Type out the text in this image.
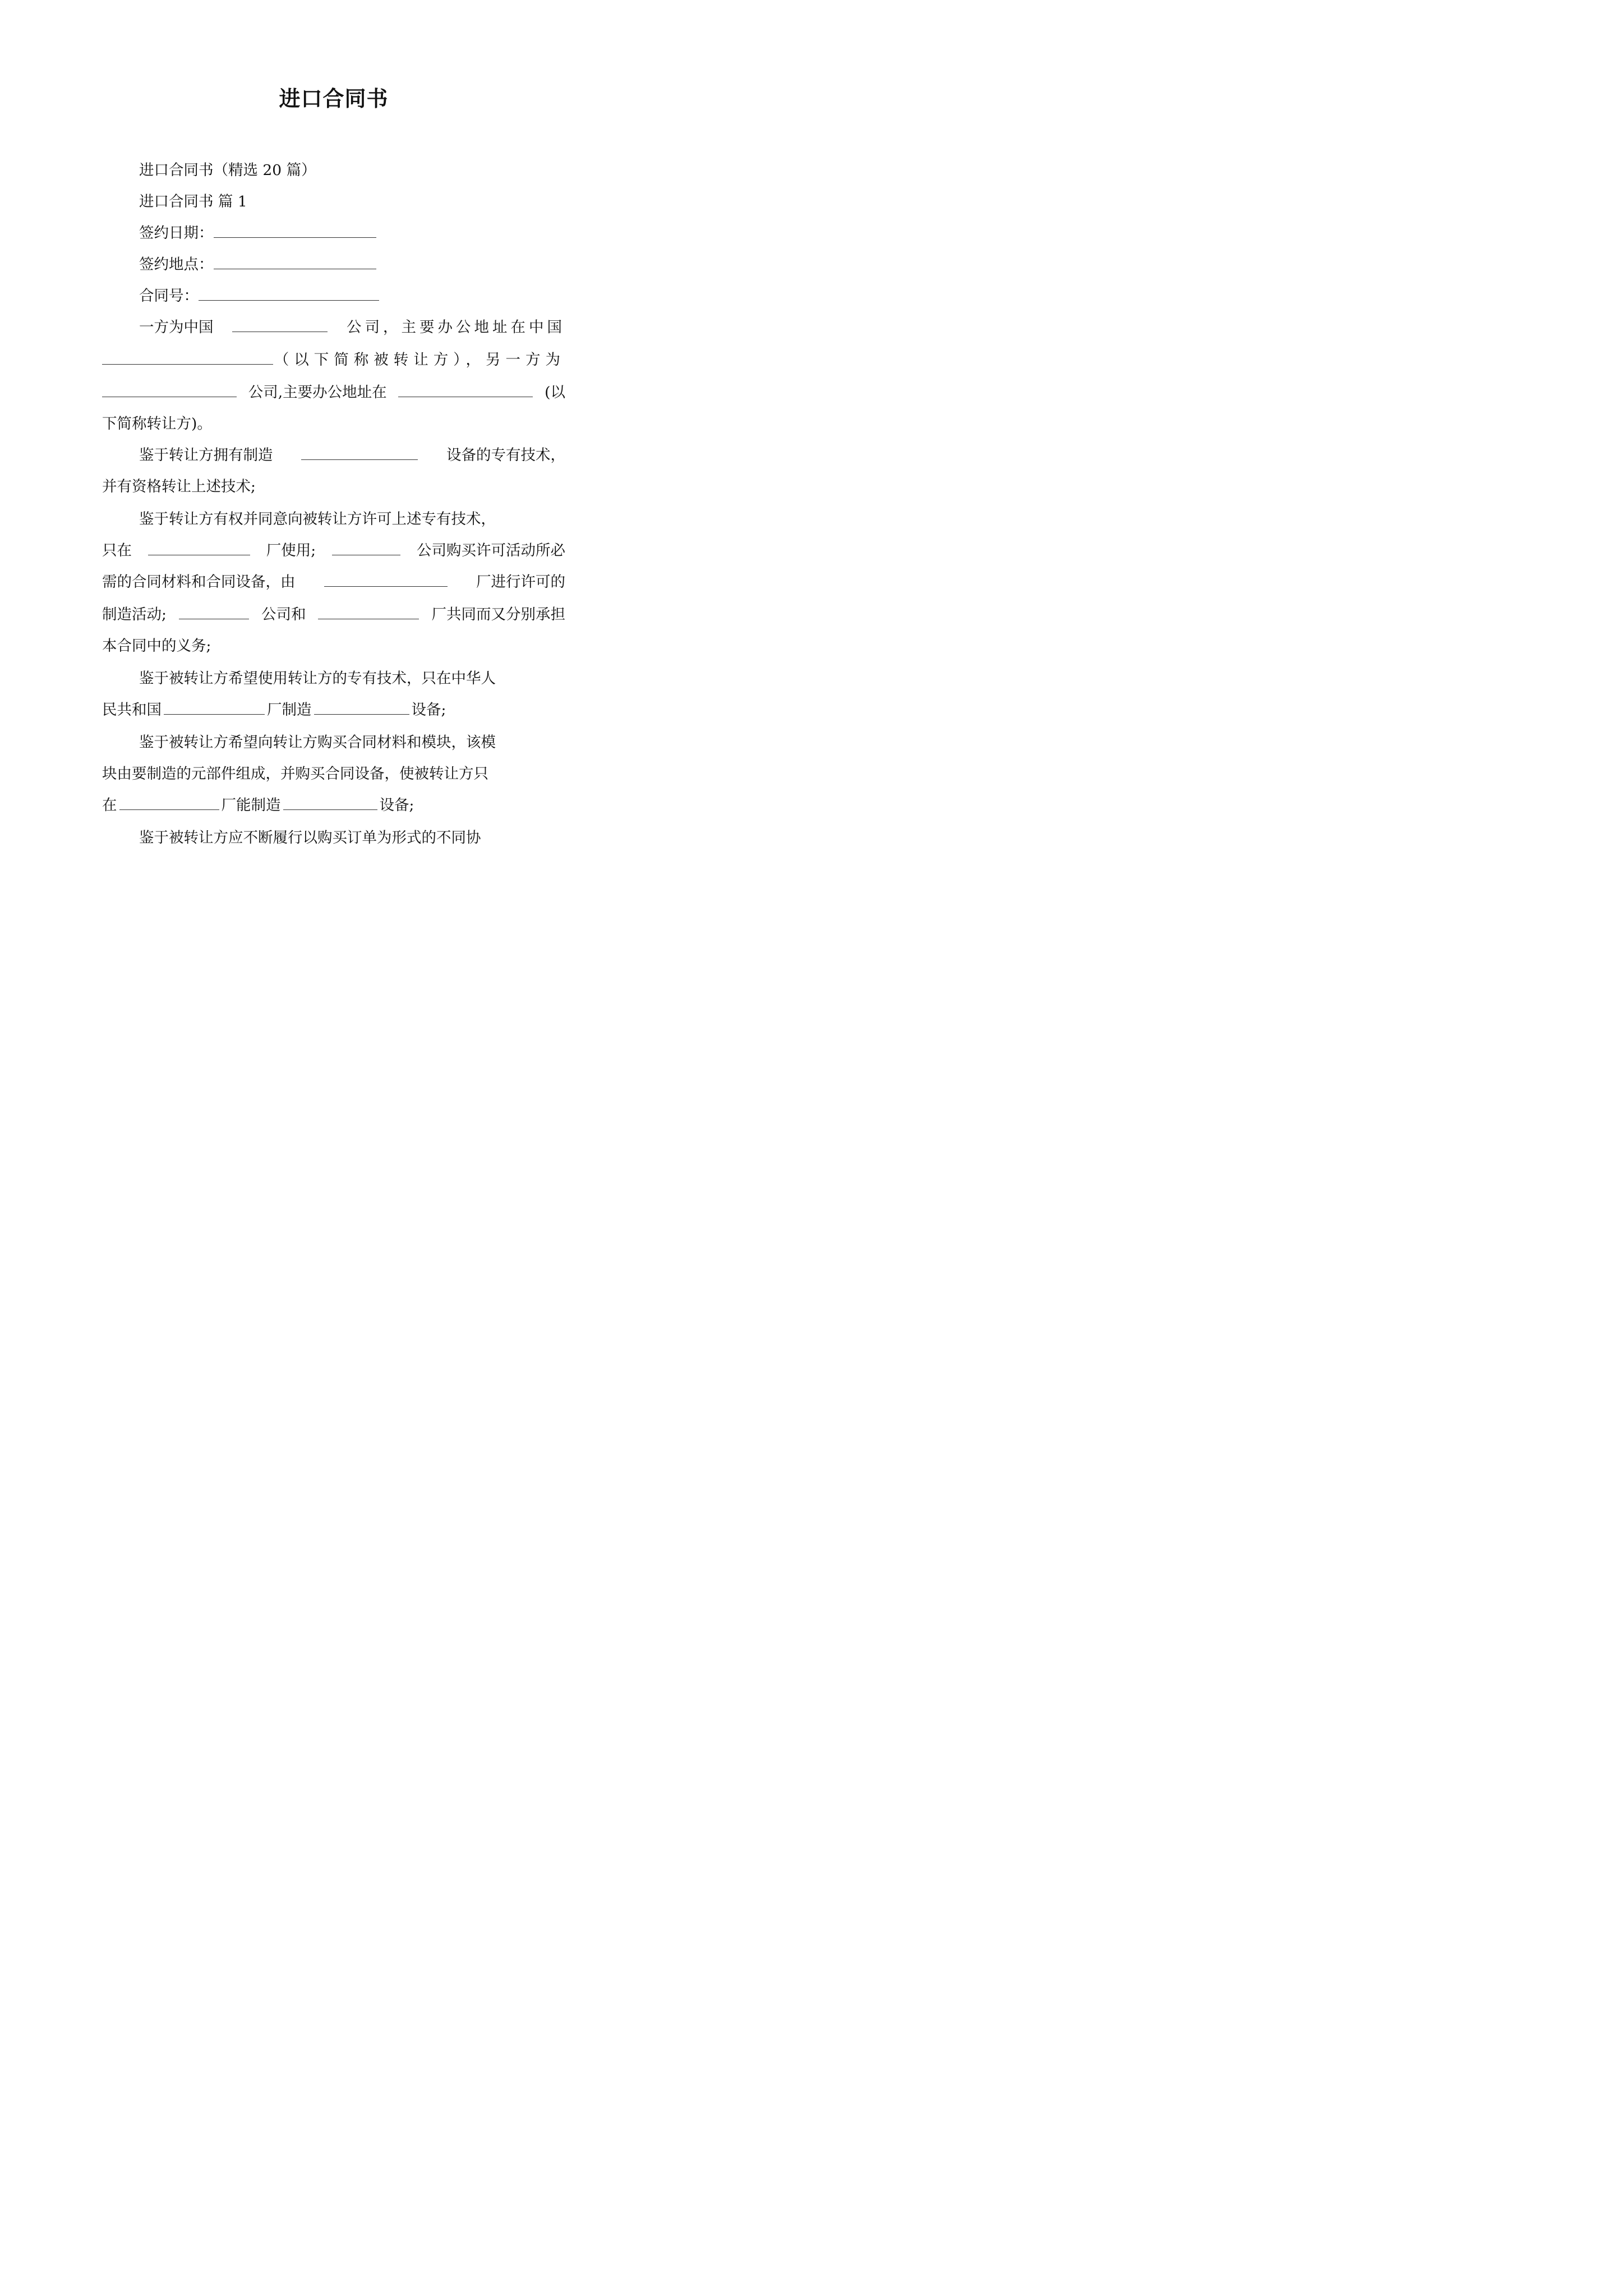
进口合同书
进口合同书（精选 20 篇）
进口合同书 篇 1
签约日期：
签约地点：
合同号：
一方为中国	公司，主要办公地址在中国
（以下简称被转让方），另一方为
公司,主要办公地址在	(以
下简称转让方)。
鉴于转让方拥有制造	设备的专有技术，
并有资格转让上述技术;
鉴于转让方有权并同意向被转让方许可上述专有技术，
只在	厂使用;	公司购买许可活动所必
需的合同材料和合同设备，由	厂进行许可的
制造活动;	公司和	厂共同而又分别承担
本合同中的义务;
鉴于被转让方希望使用转让方的专有技术，只在中华人
民共和国	厂制造	设备;
鉴于被转让方希望向转让方购买合同材料和模块，该模
块由要制造的元部件组成，并购买合同设备，使被转让方只
在	厂能制造	设备;
鉴于被转让方应不断履行以购买订单为形式的不同协
